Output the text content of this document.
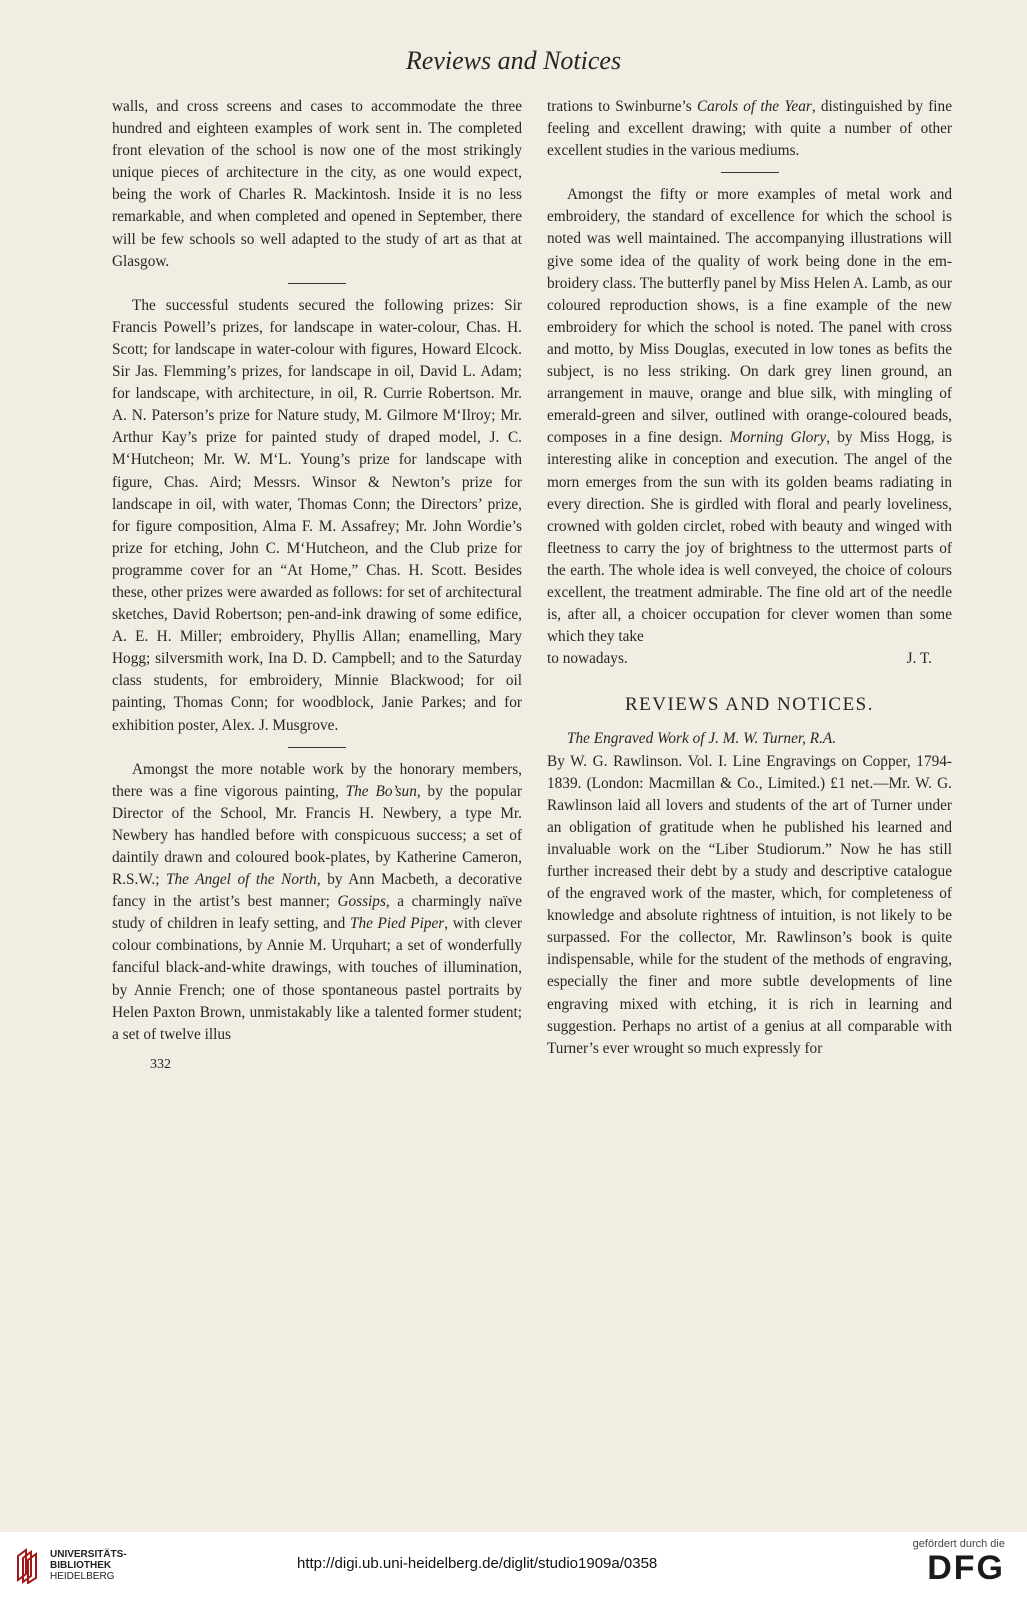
Reviews and Notices

walls, and cross screens and cases to accommodate the three hundred and eighteen examples of work sent in. The completed front elevation of the school is now one of the most strikingly unique pieces of architecture in the city, as one would expect, being the work of Charles R. Mackintosh. Inside it is no less remarkable, and when completed and opened in September, there will be few schools so well adapted to the study of art as that at Glasgow.

The successful students secured the following prizes: Sir Francis Powell’s prizes, for landscape in water-colour, Chas. H. Scott; for landscape in water-colour with figures, Howard Elcock. Sir Jas. Flemming’s prizes, for landscape in oil, David L. Adam; for landscape, with architecture, in oil, R. Currie Robertson. Mr. A. N. Paterson’s prize for Nature study, M. Gilmore M‘Ilroy; Mr. Arthur Kay’s prize for painted study of draped model, J. C. M‘Hutcheon; Mr. W. M‘L. Young’s prize for landscape with figure, Chas. Aird; Messrs. Winsor & Newton’s prize for landscape in oil, with water, Thomas Conn; the Directors’ prize, for figure composition, Alma F. M. Assafrey; Mr. John Wordie’s prize for etching, John C. M‘Hutcheon, and the Club prize for programme cover for an “At Home,” Chas. H. Scott. Besides these, other prizes were awarded as follows: for set of architectural sketches, David Robertson; pen-and-ink drawing of some edifice, A. E. H. Miller; embroidery, Phyllis Allan; enamelling, Mary Hogg; silversmith work, Ina D. D. Campbell; and to the Saturday class students, for embroidery, Minnie Blackwood; for oil painting, Thomas Conn; for woodblock, Janie Parkes; and for exhibition poster, Alex. J. Musgrove.

Amongst the more notable work by the honorary members, there was a fine vigorous painting, The Bo’sun, by the popular Director of the School, Mr. Francis H. Newbery, a type Mr. Newbery has handled before with conspicuous success; a set of daintily drawn and coloured book-plates, by Katherine Cameron, R.S.W.; The Angel of the North, by Ann Macbeth, a decorative fancy in the artist’s best manner; Gossips, a charmingly naïve study of children in leafy setting, and The Pied Piper, with clever colour combinations, by Annie M. Urquhart; a set of wonderfully fanciful black-and-white drawings, with touches of illumination, by Annie French; one of those spontaneous pastel portraits by Helen Paxton Brown, unmistakably like a talented former student; a set of twelve illus

332

trations to Swinburne’s Carols of the Year, distinguished by fine feeling and excellent drawing; with quite a number of other excellent studies in the various mediums.

Amongst the fifty or more examples of metal work and embroidery, the standard of excellence for which the school is noted was well maintained. The accompanying illustrations will give some idea of the quality of work being done in the embroidery class. The butterfly panel by Miss Helen A. Lamb, as our coloured reproduction shows, is a fine example of the new embroidery for which the school is noted. The panel with cross and motto, by Miss Douglas, executed in low tones as befits the subject, is no less striking. On dark grey linen ground, an arrangement in mauve, orange and blue silk, with mingling of emerald-green and silver, outlined with orange-coloured beads, composes in a fine design. Morning Glory, by Miss Hogg, is interesting alike in conception and execution. The angel of the morn emerges from the sun with its golden beams radiating in every direction. She is girdled with floral and pearly loveliness, crowned with golden circlet, robed with beauty and winged with fleetness to carry the joy of brightness to the uttermost parts of the earth. The whole idea is well conveyed, the choice of colours excellent, the treatment admirable. The fine old art of the needle is, after all, a choicer occupation for clever women than some which they take

to nowadays.	J. T.
REVIEWS AND NOTICES.

The Engraved Work of J. M. W. Turner, R.A.

By W. G. Rawlinson. Vol. I. Line Engravings on Copper, 1794-1839. (London: Macmillan & Co., Limited.) £1 net.—Mr. W. G. Rawlinson laid all lovers and students of the art of Turner under an obligation of gratitude when he published his learned and invaluable work on the “Liber Studiorum.” Now he has still further increased their debt by a study and descriptive catalogue of the engraved work of the master, which, for completeness of knowledge and absolute rightness of intuition, is not likely to be surpassed. For the collector, Mr. Rawlinson’s book is quite indispensable, while for the student of the methods of engraving, especially the finer and more subtle developments of line engraving mixed with etching, it is rich in learning and suggestion. Perhaps no artist of a genius at all comparable with Turner’s ever wrought so much expressly for

UNIVERSITÄTS-
BIBLIOTHEK
HEIDELBERG
http://digi.ub.uni-heidelberg.de/diglit/studio1909a/0358
gefördert durch die
DFG
